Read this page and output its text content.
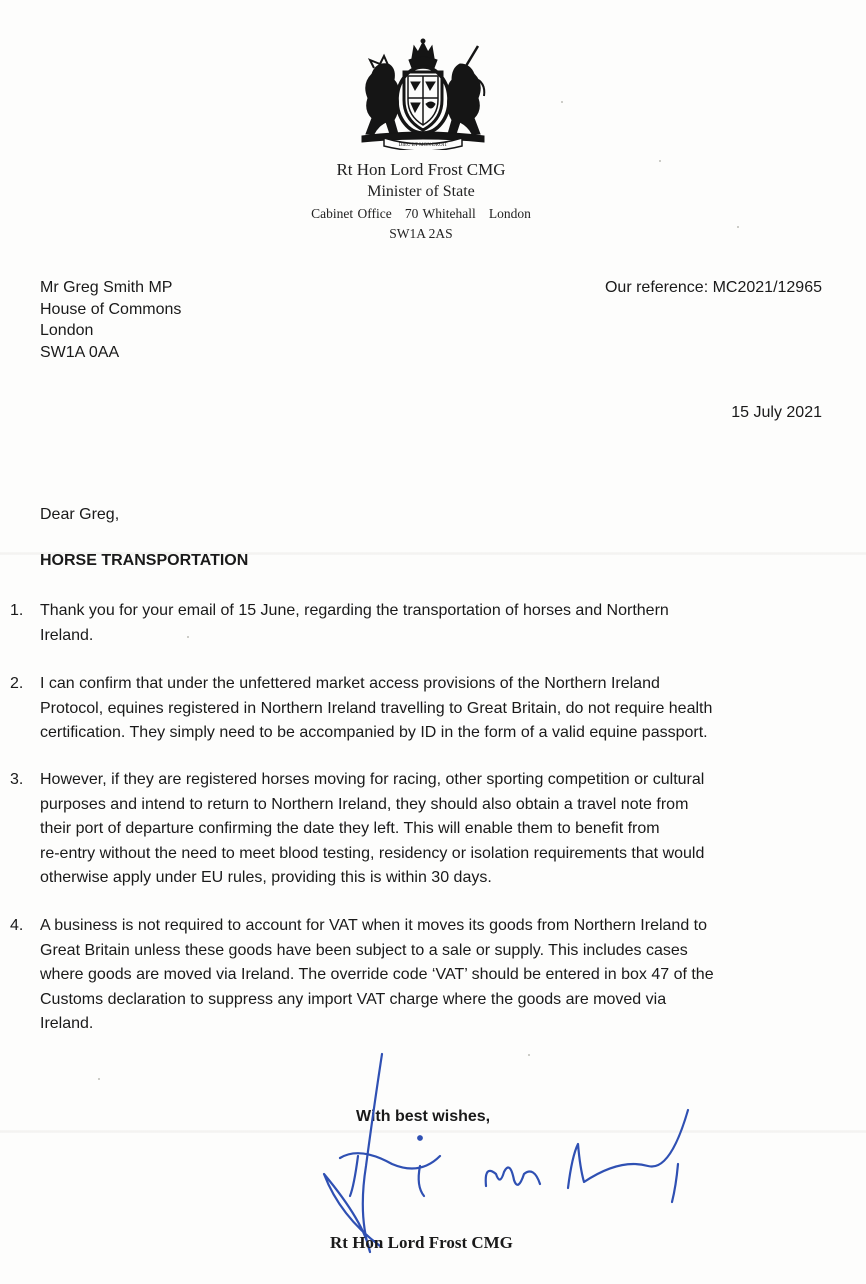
DIEU ET MON DROIT
Rt Hon Lord Frost CMG
Minister of State
Cabinet Office   70 Whitehall   London
SW1A 2AS
Mr Greg Smith MP
House of Commons
London
SW1A 0AA
Our reference: MC2021/12965
15 July 2021
Dear Greg,
HORSE TRANSPORTATION
1. Thank you for your email of 15 June, regarding the transportation of horses and Northern
Ireland.
2. I can confirm that under the unfettered market access provisions of the Northern Ireland
Protocol, equines registered in Northern Ireland travelling to Great Britain, do not require health
certification. They simply need to be accompanied by ID in the form of a valid equine passport.
3. However, if they are registered horses moving for racing, other sporting competition or cultural
purposes and intend to return to Northern Ireland, they should also obtain a travel note from
their port of departure confirming the date they left. This will enable them to benefit from
re-entry without the need to meet blood testing, residency or isolation requirements that would
otherwise apply under EU rules, providing this is within 30 days.
4. A business is not required to account for VAT when it moves its goods from Northern Ireland to
Great Britain unless these goods have been subject to a sale or supply. This includes cases
where goods are moved via Ireland. The override code ‘VAT’ should be entered in box 47 of the
Customs declaration to suppress any import VAT charge where the goods are moved via
Ireland.
With best wishes,
Rt Hon Lord Frost CMG
